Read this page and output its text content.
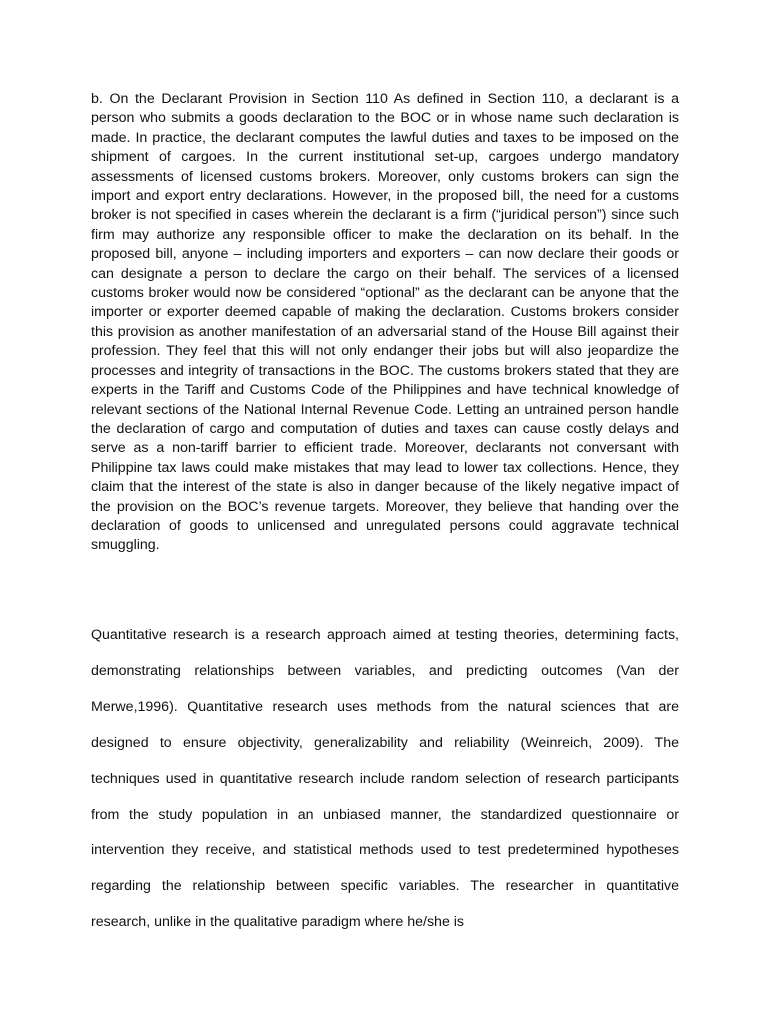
b. On the Declarant Provision in Section 110 As defined in Section 110, a declarant is a person who submits a goods declaration to the BOC or in whose name such declaration is made. In practice, the declarant computes the lawful duties and taxes to be imposed on the shipment of cargoes. In the current institutional set-up, cargoes undergo mandatory assessments of licensed customs brokers. Moreover, only customs brokers can sign the import and export entry declarations. However, in the proposed bill, the need for a customs broker is not specified in cases wherein the declarant is a firm (“juridical person”) since such firm may authorize any responsible officer to make the declaration on its behalf. In the proposed bill, anyone – including importers and exporters – can now declare their goods or can designate a person to declare the cargo on their behalf. The services of a licensed customs broker would now be considered “optional” as the declarant can be anyone that the importer or exporter deemed capable of making the declaration. Customs brokers consider this provision as another manifestation of an adversarial stand of the House Bill against their profession. They feel that this will not only endanger their jobs but will also jeopardize the processes and integrity of transactions in the BOC. The customs brokers stated that they are experts in the Tariff and Customs Code of the Philippines and have technical knowledge of relevant sections of the National Internal Revenue Code. Letting an untrained person handle the declaration of cargo and computation of duties and taxes can cause costly delays and serve as a non-tariff barrier to efficient trade. Moreover, declarants not conversant with Philippine tax laws could make mistakes that may lead to lower tax collections. Hence, they claim that the interest of the state is also in danger because of the likely negative impact of the provision on the BOC’s revenue targets. Moreover, they believe that handing over the declaration of goods to unlicensed and unregulated persons could aggravate technical smuggling.

Quantitative research is a research approach aimed at testing theories, determining facts, demonstrating relationships between variables, and predicting outcomes (Van der Merwe,1996). Quantitative research uses methods from the natural sciences that are designed to ensure objectivity, generalizability and reliability (Weinreich, 2009). The techniques used in quantitative research include random selection of research participants from the study population in an unbiased manner, the standardized questionnaire or intervention they receive, and statistical methods used to test predetermined hypotheses regarding the relationship between specific variables. The researcher in quantitative research, unlike in the qualitative paradigm where he/she is
